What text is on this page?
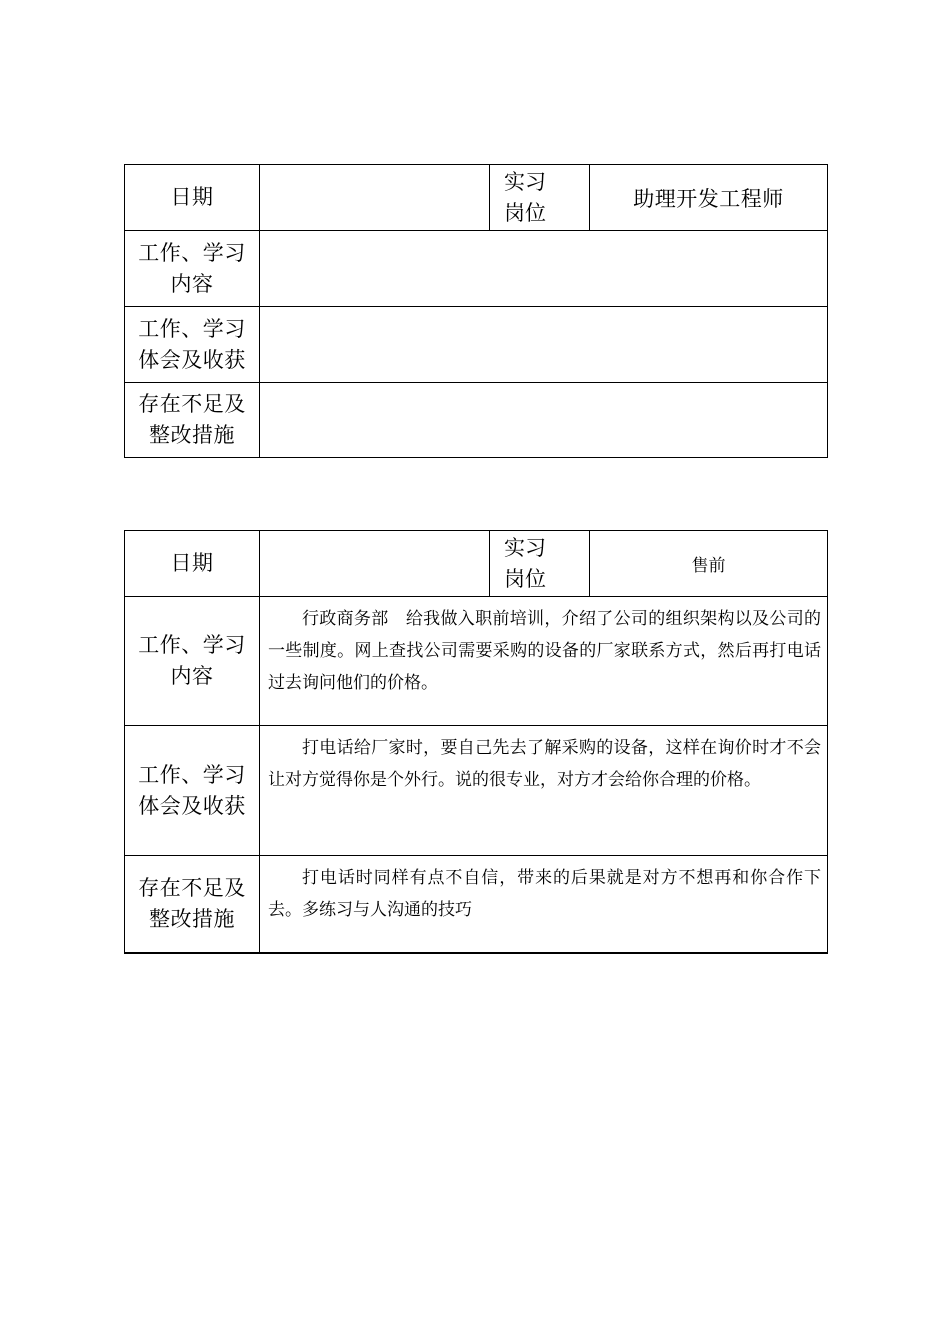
日期		实习
岗位	助理开发工程师

工作、学习
内容			

工作、学习
体会及收获			

存在不足及
整改措施			

日期		实习
岗位	售前

工作、学习
内容	行政商务部　给我做入职前培训，介绍了公司的组织架构以及公司的一些制度。网上查找公司需要采购的设备的厂家联系方式，然后再打电话过去询问他们的价格。		

工作、学习
体会及收获	打电话给厂家时，要自己先去了解采购的设备，这样在询价时才不会让对方觉得你是个外行。说的很专业，对方才会给你合理的价格。		

存在不足及
整改措施	打电话时同样有点不自信，带来的后果就是对方不想再和你合作下去。多练习与人沟通的技巧		
